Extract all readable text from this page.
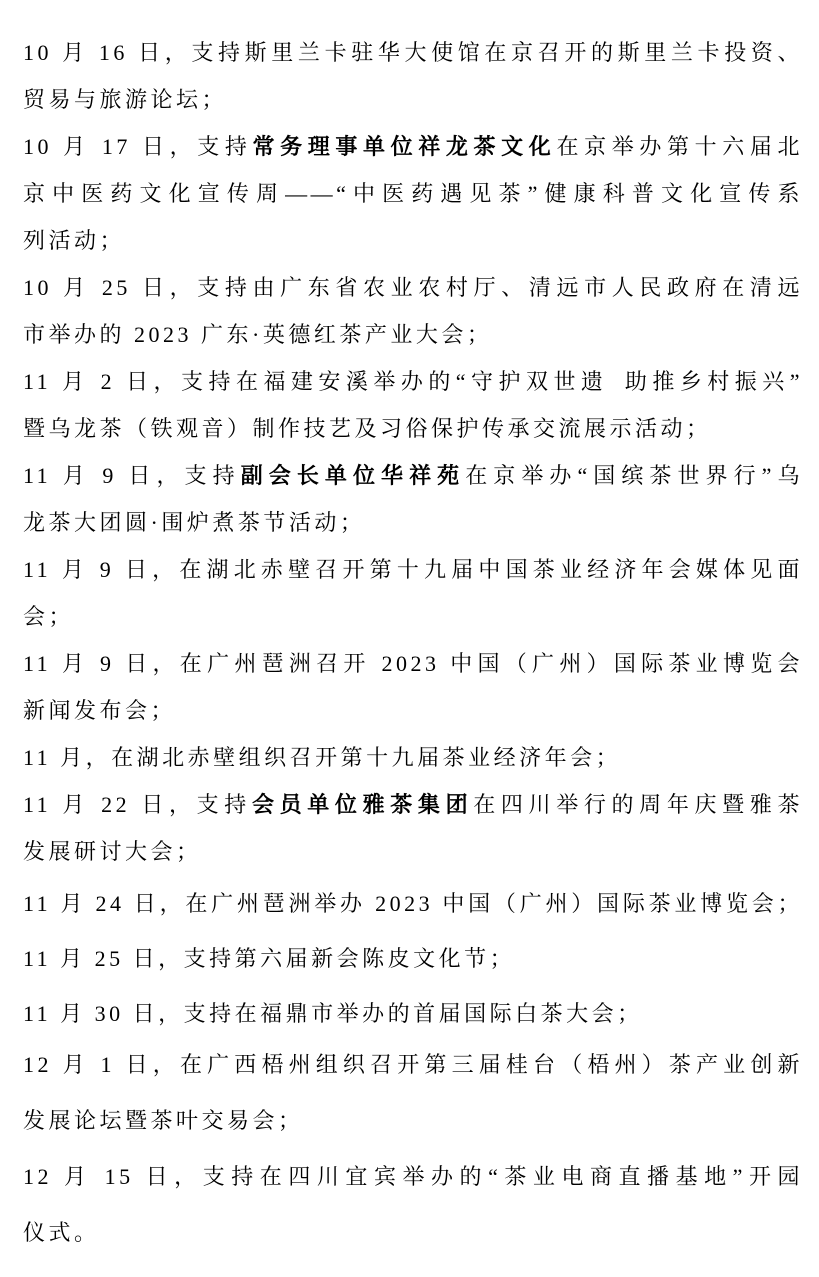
10 月 16 日，支持斯里兰卡驻华大使馆在京召开的斯里兰卡投资、
贸易与旅游论坛；
10 月 17 日，支持常务理事单位祥龙茶文化在京举办第十六届北
京中医药文化宣传周——“中医药遇见茶”健康科普文化宣传系
列活动；
10 月 25 日，支持由广东省农业农村厅、清远市人民政府在清远
市举办的 2023 广东·英德红茶产业大会；
11 月 2 日，支持在福建安溪举办的“守护双世遗 助推乡村振兴”
暨乌龙茶（铁观音）制作技艺及习俗保护传承交流展示活动；
11 月 9 日，支持副会长单位华祥苑在京举办“国缤茶世界行”乌
龙茶大团圆·围炉煮茶节活动；
11 月 9 日，在湖北赤壁召开第十九届中国茶业经济年会媒体见面
会；
11 月 9 日，在广州琶洲召开 2023 中国（广州）国际茶业博览会
新闻发布会；
11 月，在湖北赤壁组织召开第十九届茶业经济年会；
11 月 22 日，支持会员单位雅茶集团在四川举行的周年庆暨雅茶
发展研讨大会；
11 月 24 日，在广州琶洲举办 2023 中国（广州）国际茶业博览会；
11 月 25 日，支持第六届新会陈皮文化节；
11 月 30 日，支持在福鼎市举办的首届国际白茶大会；
12 月 1 日，在广西梧州组织召开第三届桂台（梧州）茶产业创新
发展论坛暨茶叶交易会；
12 月 15 日，支持在四川宜宾举办的“茶业电商直播基地”开园
仪式。
